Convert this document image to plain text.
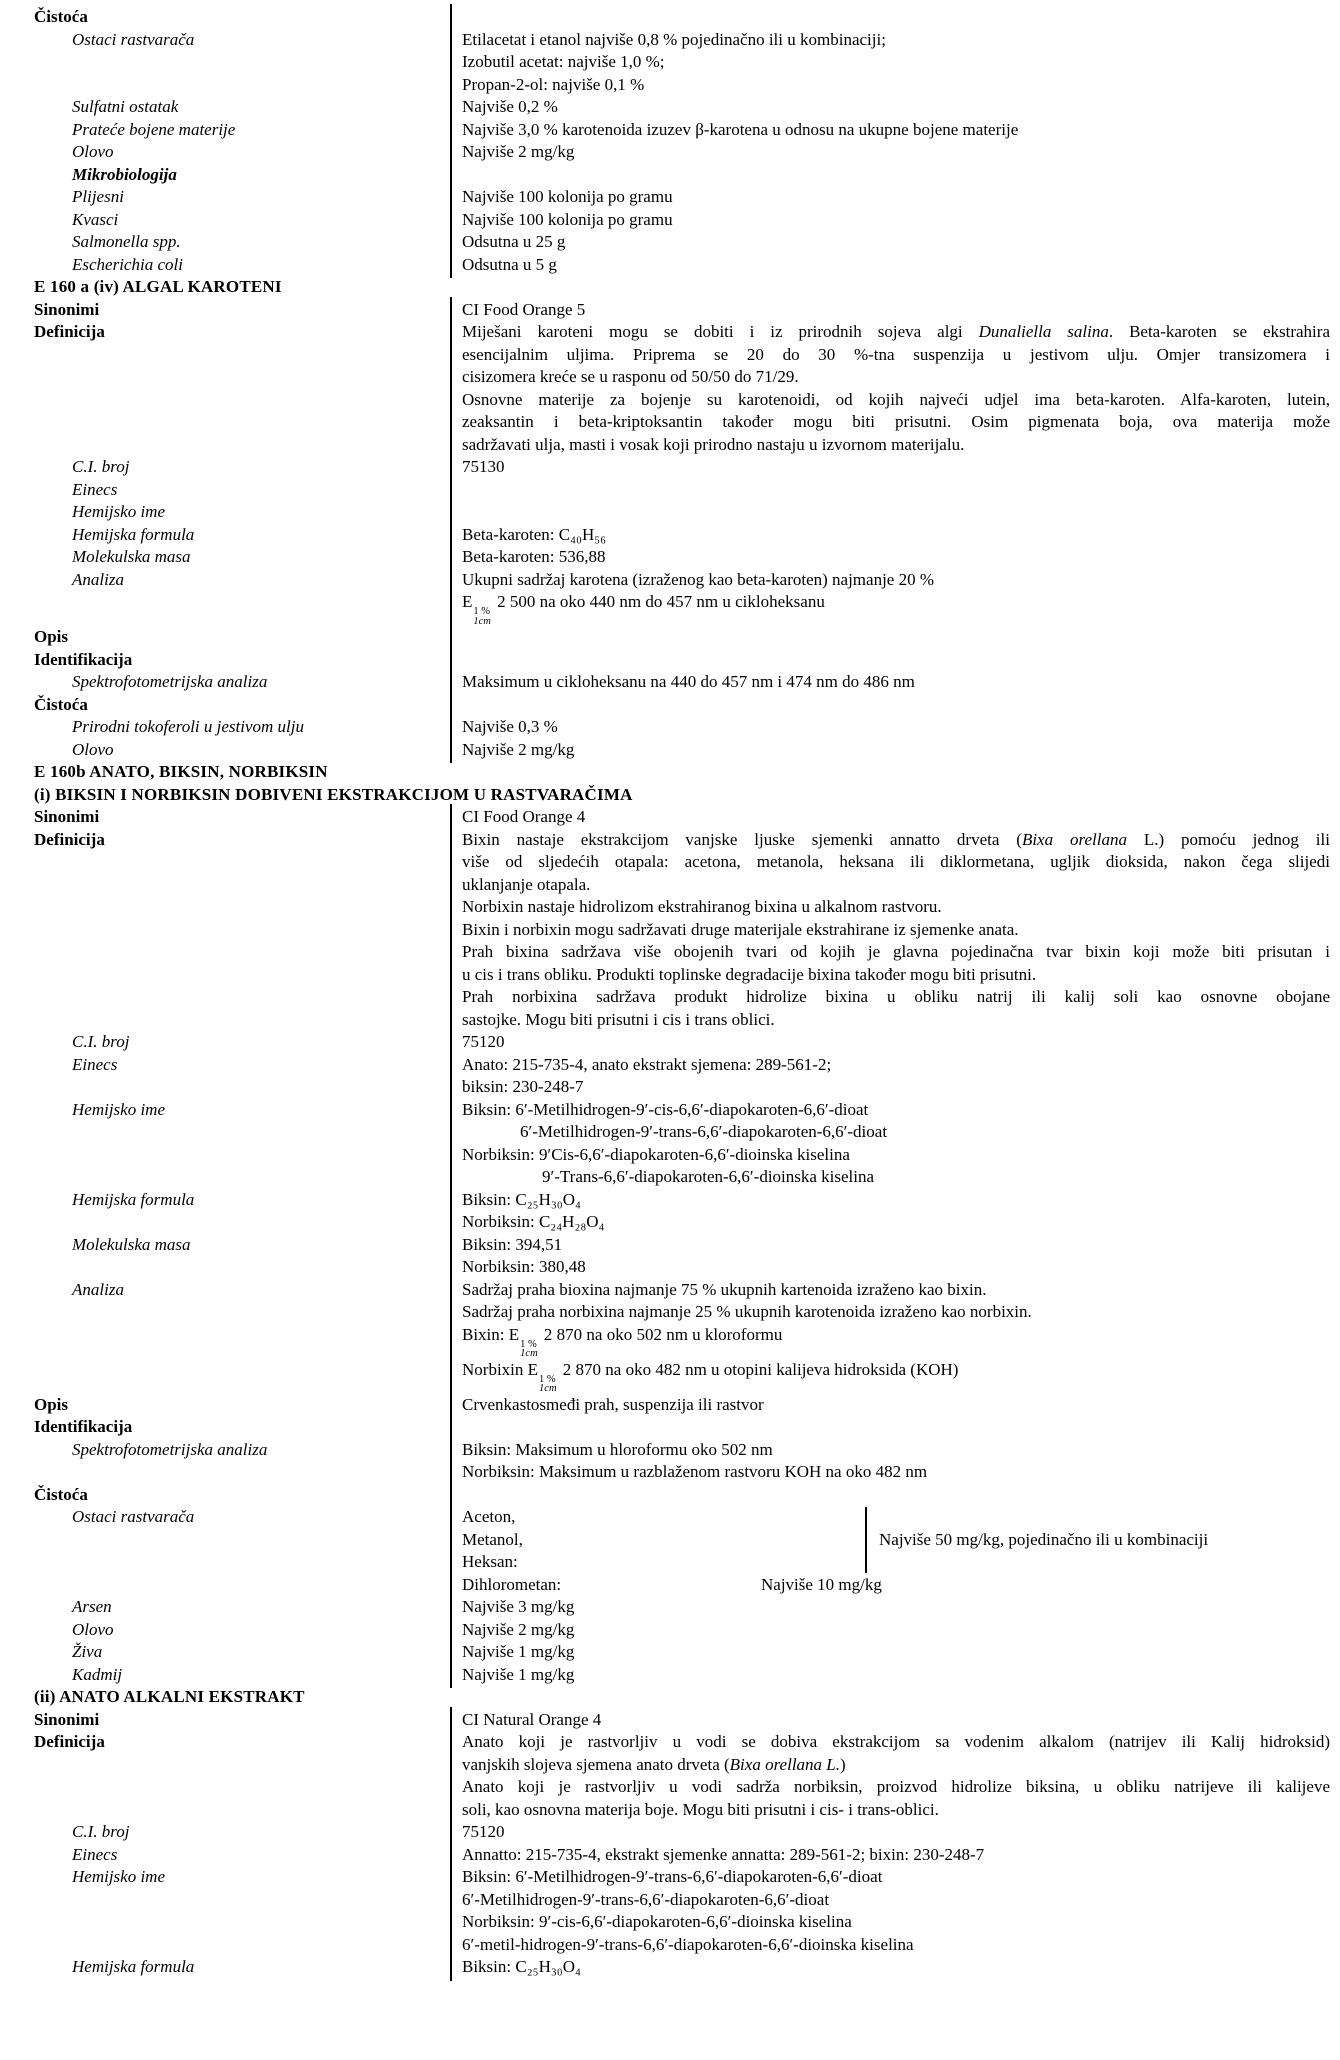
Čistoća
Ostaci rastvarača	Etilacetat i etanol najviše 0,8 % pojedinačno ili u kombinaciji;
Izobutil acetat: najviše 1,0 %;
Propan-2-ol: najviše 0,1 %
Sulfatni ostatak	Najviše 0,2 %
Prateće bojene materije	Najviše 3,0 % karotenoida izuzev β-karotena u odnosu na ukupne bojene materije
Olovo	Najviše 2 mg/kg
Mikrobiologija
Plijesni	Najviše 100 kolonija po gramu
Kvasci	Najviše 100 kolonija po gramu
Salmonella spp.	Odsutna u 25 g
Escherichia coli	Odsutna u 5 g
E 160 a (iv) ALGAL KAROTENI
Sinonimi	CI Food Orange 5
Definicija	Miješani karoteni mogu se dobiti i iz prirodnih sojeva algi Dunaliella salina. Beta-karoten se ekstrahira
esencijalnim uljima. Priprema se 20 do 30 %-tna suspenzija u jestivom ulju. Omjer transizomera i
cisizomera kreće se u rasponu od 50/50 do 71/29.
Osnovne materije za bojenje su karotenoidi, od kojih najveći udjel ima beta-karoten. Alfa-karoten, lutein,
zeaksantin i beta-kriptoksantin također mogu biti prisutni. Osim pigmenata boja, ova materija može
sadržavati ulja, masti i vosak koji prirodno nastaju u izvornom materijalu.
C.I. broj	75130
Einecs
Hemijsko ime
Hemijska formula	Beta-karoten: C₄₀H₅₆
Molekulska masa	Beta-karoten: 536,88
Analiza	Ukupni sadržaj karotena (izraženog kao beta-karoten) najmanje 20 %
E
1 %
1cm
2 500 na oko 440 nm do 457 nm u cikloheksanu
Opis
Identifikacija
Spektrofotometrijska analiza	Maksimum u cikloheksanu na 440 do 457 nm i 474 nm do 486 nm
Čistoća
Prirodni tokoferoli u jestivom ulju	Najviše 0,3 %
Olovo	Najviše 2 mg/kg
E 160b ANATO, BIKSIN, NORBIKSIN
(i) BIKSIN I NORBIKSIN DOBIVENI EKSTRAKCIJOM U RASTVARAČIMA
Sinonimi	CI Food Orange 4
Definicija	Bixin nastaje ekstrakcijom vanjske ljuske sjemenki annatto drveta (Bixa orellana L.) pomoću jednog ili
više od sljedećih otapala: acetona, metanola, heksana ili diklormetana, ugljik dioksida, nakon čega slijedi
uklanjanje otapala.
Norbixin nastaje hidrolizom ekstrahiranog bixina u alkalnom rastvoru.
Bixin i norbixin mogu sadržavati druge materijale ekstrahirane iz sjemenke anata.
Prah bixina sadržava više obojenih tvari od kojih je glavna pojedinačna tvar bixin koji može biti prisutan i
u cis i trans obliku. Produkti toplinske degradacije bixina također mogu biti prisutni.
Prah norbixina sadržava produkt hidrolize bixina u obliku natrij ili kalij soli kao osnovne obojane
sastojke. Mogu biti prisutni i cis i trans oblici.
C.I. broj	75120
Einecs	Anato: 215-735-4, anato ekstrakt sjemena: 289-561-2;
biksin: 230-248-7
Hemijsko ime	Biksin: 6′-Metilhidrogen-9′-cis-6,6′-diapokaroten-6,6′-dioat
6′-Metilhidrogen-9′-trans-6,6′-diapokaroten-6,6′-dioat
Norbiksin: 9′Cis-6,6′-diapokaroten-6,6′-dioinska kiselina
9′-Trans-6,6′-diapokaroten-6,6′-dioinska kiselina
Hemijska formula	Biksin: C₂₅H₃₀O₄
Norbiksin: C₂₄H₂₈O₄
Molekulska masa	Biksin: 394,51
Norbiksin: 380,48
Analiza	Sadržaj praha bioxina najmanje 75 % ukupnih kartenoida izraženo kao bixin.
Sadržaj praha norbixina najmanje 25 % ukupnih karotenoida izraženo kao norbixin.
Bixin: E
1 %
1cm
2 870 na oko 502 nm u kloroformu
Norbixin E
1 %
1cm
2 870 na oko 482 nm u otopini kalijeva hidroksida (KOH)
Opis	Crvenkastosmeđi prah, suspenzija ili rastvor
Identifikacija
Spektrofotometrijska analiza	Biksin: Maksimum u hloroformu oko 502 nm
Norbiksin: Maksimum u razblaženom rastvoru KOH na oko 482 nm
Čistoća
Ostaci rastvarača	Aceton,
Metanol,
Heksan:
Najviše 50 mg/kg, pojedinačno ili u kombinaciji
Dihlorometan:	Najviše 10 mg/kg
Arsen	Najviše 3 mg/kg
Olovo	Najviše 2 mg/kg
Živa	Najviše 1 mg/kg
Kadmij	Najviše 1 mg/kg
(ii) ANATO ALKALNI EKSTRAKT
Sinonimi	CI Natural Orange 4
Definicija	Anato koji je rastvorljiv u vodi se dobiva ekstrakcijom sa vodenim alkalom (natrijev ili Kalij hidroksid)
vanjskih slojeva sjemena anato drveta (Bixa orellana L.)
Anato koji je rastvorljiv u vodi sadrža norbiksin, proizvod hidrolize biksina, u obliku natrijeve ili kalijeve
soli, kao osnovna materija boje. Mogu biti prisutni i cis- i trans-oblici.
C.I. broj	75120
Einecs	Annatto: 215-735-4, ekstrakt sjemenke annatta: 289-561-2; bixin: 230-248-7
Hemijsko ime	Biksin: 6′-Metilhidrogen-9′-trans-6,6′-diapokaroten-6,6′-dioat
6′-Metilhidrogen-9′-trans-6,6′-diapokaroten-6,6′-dioat
Norbiksin: 9′-cis-6,6′-diapokaroten-6,6′-dioinska kiselina
6′-metil-hidrogen-9′-trans-6,6′-diapokaroten-6,6′-dioinska kiselina
Hemijska formula	Biksin: C₂₅H₃₀O₄
